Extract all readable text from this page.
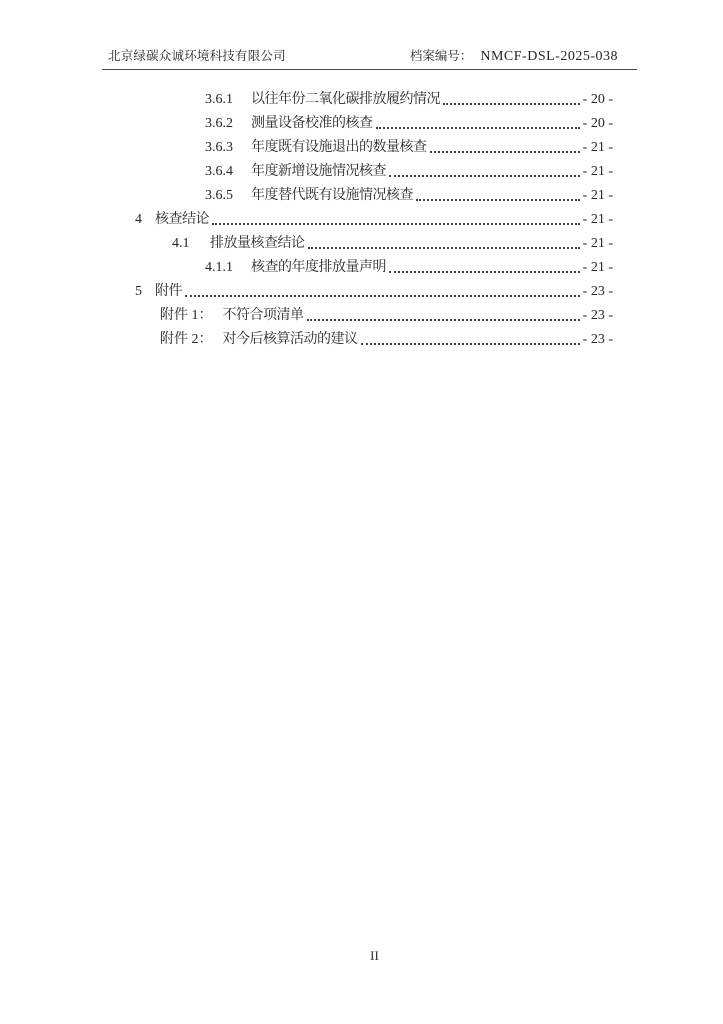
北京绿碳众诚环境科技有限公司	档案编号： NMCF-DSL-2025-038
3.6.1	以往年份二氧化碳排放履约情况	- 20 -
3.6.2	测量设备校准的核查	- 20 -
3.6.3	年度既有设施退出的数量核查	- 21 -
3.6.4	年度新增设施情况核查	- 21 -
3.6.5	年度替代既有设施情况核查	- 21 -
4 核查结论	- 21 -
4.1	排放量核查结论	- 21 -
4.1.1	核查的年度排放量声明	- 21 -
5 附件	- 23 -
附件 1： 不符合项清单	- 23 -
附件 2： 对今后核算活动的建议	- 23 -
II
